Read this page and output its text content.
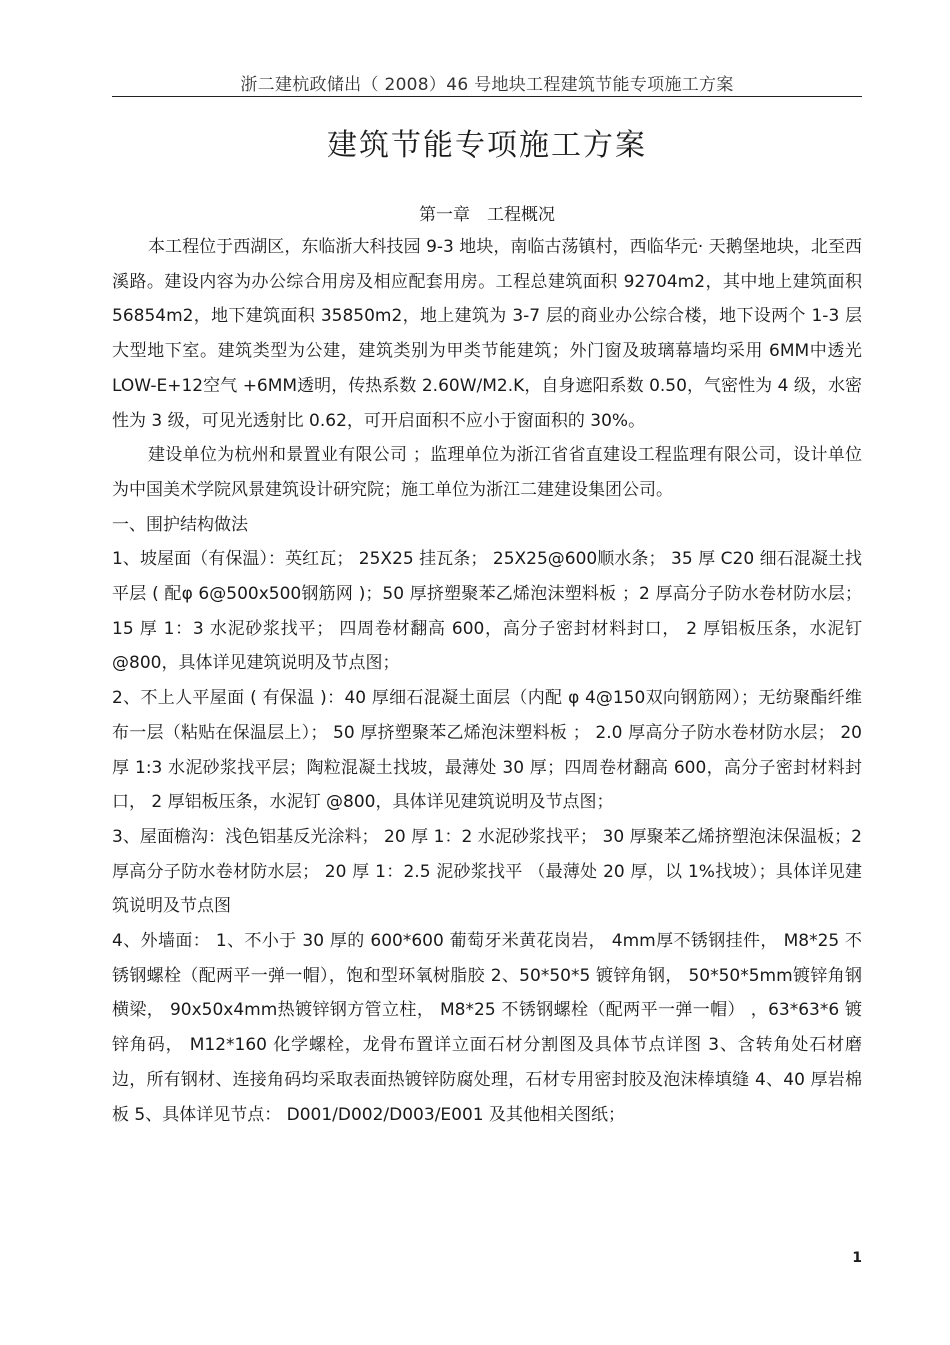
浙二建杭政储出（ 2008）46 号地块工程建筑节能专项施工方案
建筑节能专项施工方案
第一章　工程概况

本工程位于西湖区，东临浙大科技园 9-3 地块，南临古荡镇村，西临华元· 天鹅堡地块，北至西溪路。建设内容为办公综合用房及相应配套用房。工程总建筑面积 92704m2，其中地上建筑面积 56854m2，地下建筑面积 35850m2，地上建筑为 3-7 层的商业办公综合楼，地下设两个 1-3 层大型地下室。建筑类型为公建，建筑类别为甲类节能建筑；外门窗及玻璃幕墙均采用 6MM中透光 LOW-E+12空气 +6MM透明，传热系数 2.60W/M2.K，自身遮阳系数 0.50，气密性为 4 级，水密性为 3 级，可见光透射比 0.62，可开启面积不应小于窗面积的 30%。

建设单位为杭州和景置业有限公司 ；监理单位为浙江省省直建设工程监理有限公司，设计单位为中国美术学院风景建筑设计研究院；施工单位为浙江二建建设集团公司。

一、围护结构做法

1、坡屋面（有保温）：英红瓦； 25X25 挂瓦条； 25X25@600顺水条； 35 厚 C20 细石混凝土找平层 ( 配φ 6@500x500钢筋网 )；50 厚挤塑聚苯乙烯泡沫塑料板 ；2 厚高分子防水卷材防水层；15 厚 1：3 水泥砂浆找平； 四周卷材翻高 600，高分子密封材料封口， 2 厚铝板压条，水泥钉 @800，具体详见建筑说明及节点图；

2、不上人平屋面 ( 有保温 )：40 厚细石混凝土面层（内配 φ 4@150双向钢筋网）；无纺聚酯纤维布一层（粘贴在保温层上）； 50 厚挤塑聚苯乙烯泡沫塑料板 ； 2.0 厚高分子防水卷材防水层； 20 厚 1:3 水泥砂浆找平层；陶粒混凝土找坡，最薄处 30 厚；四周卷材翻高 600，高分子密封材料封口， 2 厚铝板压条，水泥钉 @800，具体详见建筑说明及节点图；

3、屋面檐沟：浅色铝基反光涂料； 20 厚 1：2 水泥砂浆找平； 30 厚聚苯乙烯挤塑泡沫保温板；2 厚高分子防水卷材防水层； 20 厚 1：2.5 泥砂浆找平 （最薄处 20 厚，以 1%找坡）；具体详见建筑说明及节点图

4、外墙面： 1、不小于 30 厚的 600*600 葡萄牙米黄花岗岩， 4mm厚不锈钢挂件， M8*25 不锈钢螺栓（配两平一弹一帽），饱和型环氧树脂胶 2、50*50*5 镀锌角钢， 50*50*5mm镀锌角钢横梁， 90x50x4mm热镀锌钢方管立柱， M8*25 不锈钢螺栓（配两平一弹一帽） ，63*63*6 镀锌角码， M12*160 化学螺栓，龙骨布置详立面石材分割图及具体节点详图 3、含转角处石材磨边，所有钢材、连接角码均采取表面热镀锌防腐处理，石材专用密封胶及泡沫棒填缝 4、40 厚岩棉板 5、具体详见节点： D001/D002/D003/E001 及其他相关图纸；

1
